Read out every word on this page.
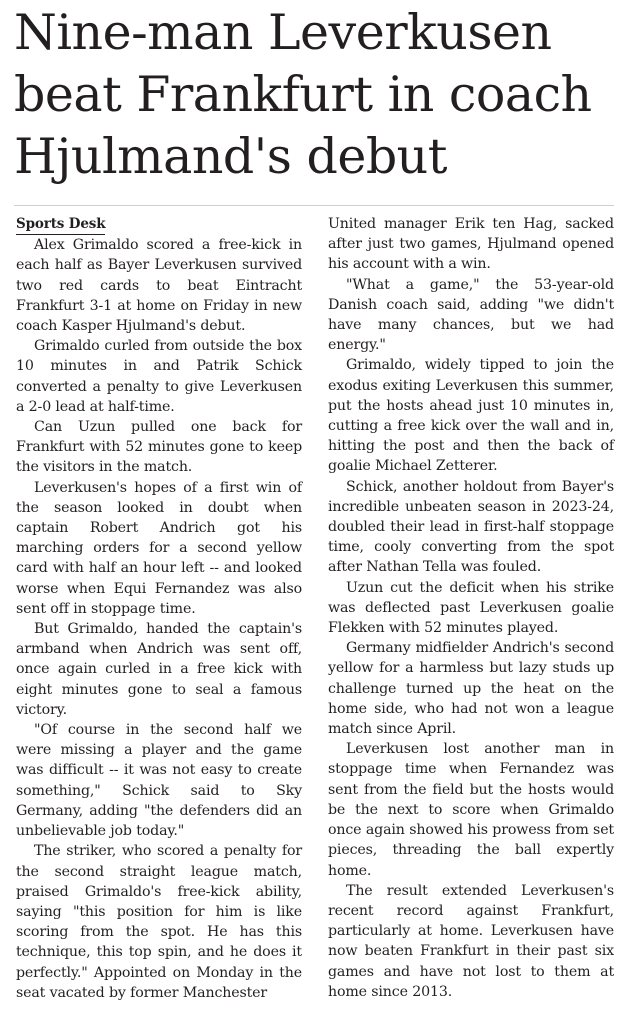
Nine-man Leverkusen
beat Frankfurt in coach
Hjulmand's debut
Sports Desk

Alex Grimaldo scored a free-kick in each half as Bayer Leverkusen survived two red cards to beat Eintracht Frankfurt 3-1 at home on Friday in new coach Kasper Hjulmand's debut.

Grimaldo curled from outside the box 10 minutes in and Patrik Schick converted a penalty to give Leverkusen a 2-0 lead at half-time.

Can Uzun pulled one back for Frankfurt with 52 minutes gone to keep the visitors in the match.

Leverkusen's hopes of a first win of the season looked in doubt when captain Robert Andrich got his marching orders for a second yellow card with half an hour left -- and looked worse when Equi Fernandez was also sent off in stoppage time.

But Grimaldo, handed the captain's armband when Andrich was sent off, once again curled in a free kick with eight minutes gone to seal a famous victory.

"Of course in the second half we were missing a player and the game was difficult -- it was not easy to create something," Schick said to Sky Germany, adding "the defenders did an unbelievable job today."

The striker, who scored a penalty for the second straight league match, praised Grimaldo's free-kick ability, saying "this position for him is like scoring from the spot. He has this technique, this top spin, and he does it perfectly." Appointed on Monday in the seat vacated by former Manchester

United manager Erik ten Hag, sacked after just two games, Hjulmand opened his account with a win.

"What a game," the 53-year-old Danish coach said, adding "we didn't have many chances, but we had energy."

Grimaldo, widely tipped to join the exodus exiting Leverkusen this summer, put the hosts ahead just 10 minutes in, cutting a free kick over the wall and in, hitting the post and then the back of goalie Michael Zetterer.

Schick, another holdout from Bayer's incredible unbeaten season in 2023-24, doubled their lead in first-half stoppage time, cooly converting from the spot after Nathan Tella was fouled.

Uzun cut the deficit when his strike was deflected past Leverkusen goalie Flekken with 52 minutes played.

Germany midfielder Andrich's second yellow for a harmless but lazy studs up challenge turned up the heat on the home side, who had not won a league match since April.

Leverkusen lost another man in stoppage time when Fernandez was sent from the field but the hosts would be the next to score when Grimaldo once again showed his prowess from set pieces, threading the ball expertly home.

The result extended Leverkusen's recent record against Frankfurt, particularly at home. Leverkusen have now beaten Frankfurt in their past six games and have not lost to them at home since 2013.
